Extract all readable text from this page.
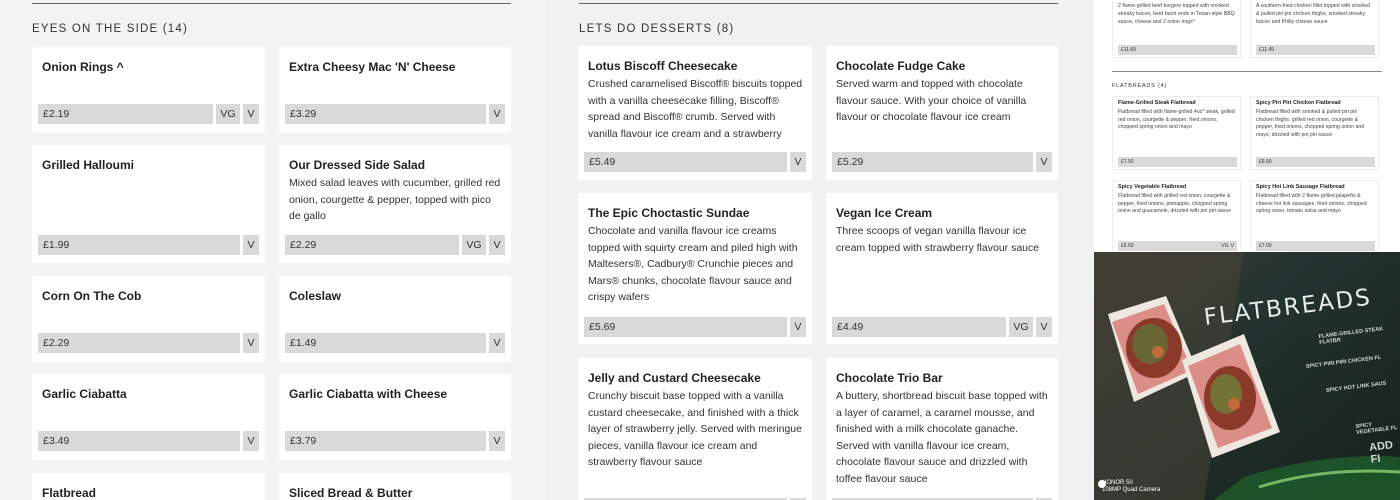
EYES ON THE SIDE (14)
Onion Rings ^
£2.19	VG	V
Extra Cheesy Mac 'N' Cheese
£3.29	V
Grilled Halloumi
£1.99	V
Our Dressed Side Salad
Mixed salad leaves with cucumber, grilled red onion, courgette & pepper, topped with pico de gallo
£2.29	VG	V
Corn On The Cob
£2.29	V
Coleslaw
£1.49	V
Garlic Ciabatta
£3.49	V
Garlic Ciabatta with Cheese
£3.79	V
Flatbread	Sliced Bread & Butter
LETS DO DESSERTS (8)
Lotus Biscoff Cheesecake
Crushed caramelised Biscoff® biscuits topped with a vanilla cheesecake filling, Biscoff® spread and Biscoff® crumb. Served with vanilla flavour ice cream and a strawberry
£5.49	V
Chocolate Fudge Cake
Served warm and topped with chocolate flavour sauce. With your choice of vanilla flavour or chocolate flavour ice cream
£5.29	V
The Epic Choctastic Sundae
Chocolate and vanilla flavour ice creams topped with squirty cream and piled high with Maltesers®, Cadbury® Crunchie pieces and Mars® chunks, chocolate flavour sauce and crispy wafers
£5.69	V
Vegan Ice Cream
Three scoops of vegan vanilla flavour ice cream topped with strawberry flavour sauce
£4.49	VG	V
Jelly and Custard Cheesecake
Crunchy biscuit base topped with a vanilla custard cheesecake, and finished with a thick layer of strawberry jelly. Served with meringue pieces, vanilla flavour ice cream and strawberry flavour sauce
Chocolate Trio Bar
A buttery, shortbread biscuit base topped with a layer of caramel, a caramel mousse, and finished with a milk chocolate ganache. Served with vanilla flavour ice cream, chocolate flavour sauce and drizzled with toffee flavour sauce
2 flame-grilled beef burgers topped with smoked streaky bacon, beef burnt ends in Texan-style BBQ sauce, cheese and 2 onion rings^
£11.69
A southern-fried chicken fillet topped with smoked & pulled piri piri chicken thighs, smoked streaky bacon and Philly cheese sauce
£11.49
Flame-Grilled Steak Flatbread
Flatbread filled with flame-grilled 4oz* steak, grilled red onion, courgette & pepper, fried onions, chopped spring onion and mayo
£7.50
Spicy Piri Piri Chicken Flatbread
Flatbread filled with smoked & pulled piri piri chicken thighs, grilled red onion, courgette & pepper, fried onions, chopped spring onion and mayo, drizzled with piri piri sauce
£6.50
Spicy Vegetable Flatbread
Flatbread filled with grilled red onion, courgette & pepper, fried onions, pineapple, chopped spring onion and guacamole, drizzled with piri piri sauce
£6.50	VG V
Spicy Hot Link Sausage Flatbread
Flatbread filled with 2 flame-grilled jalapeño & cheese hot link sausages, fried onions, chopped spring onion, tomato salsa and mayo
£7.00
FLATBREADS (4)
FLATBREADS
FLAME-GRILLED STEAK FLATBR
SPICY PIRI PIRI CHICKEN FL
SPICY HOT LINK SAUS
SPICY VEGETABLE FL
ADD FI
HONOR 50
108MP Quad Camera
